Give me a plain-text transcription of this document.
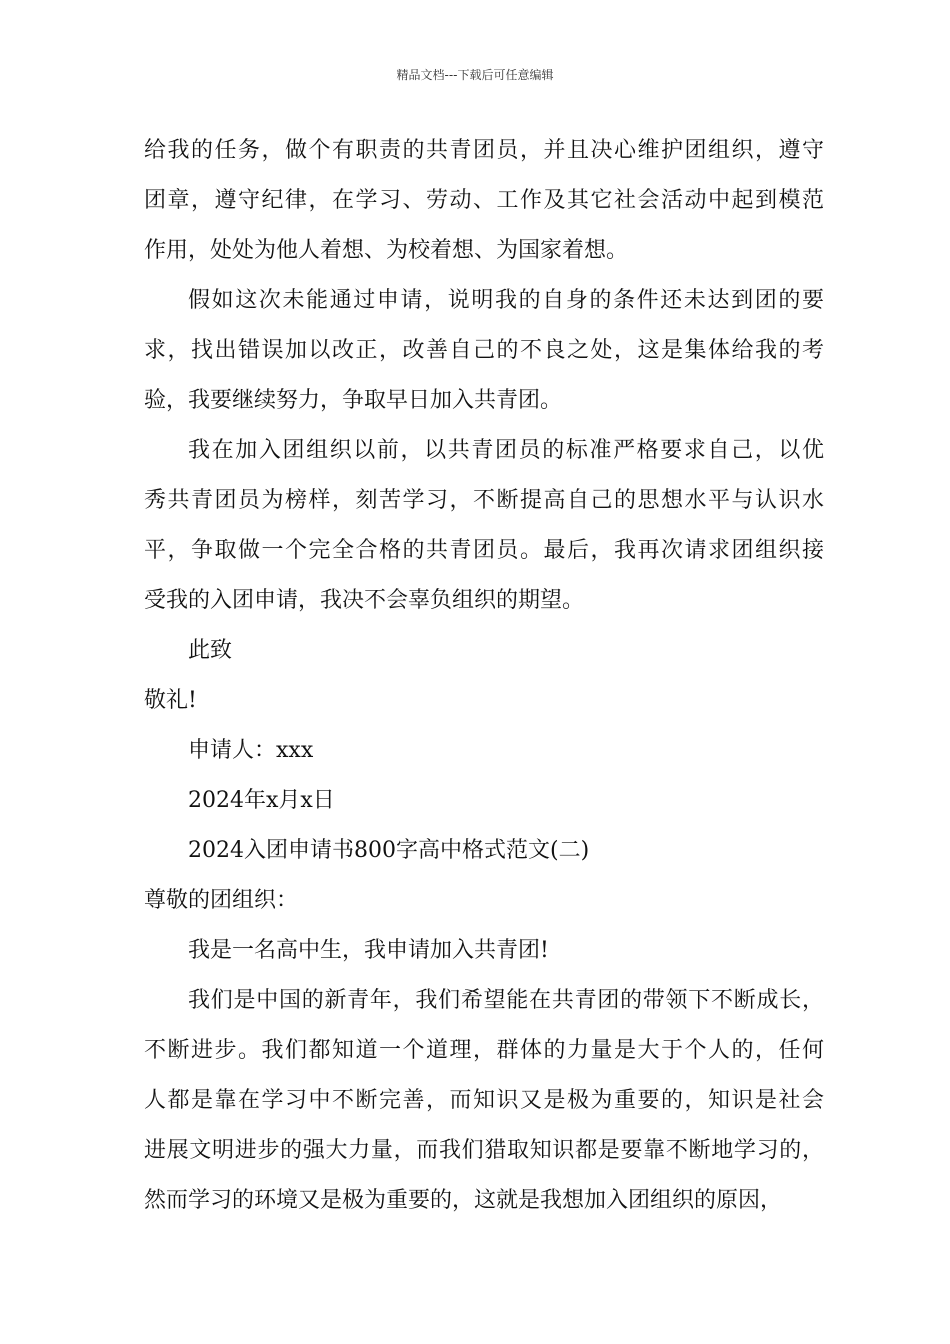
精品文档---下载后可任意编辑
给我的任务，做个有职责的共青团员，并且决心维护团组织，遵守
团章，遵守纪律，在学习、劳动、工作及其它社会活动中起到模范
作用，处处为他人着想、为校着想、为国家着想。
假如这次未能通过申请，说明我的自身的条件还未达到团的要
求，找出错误加以改正，改善自己的不良之处，这是集体给我的考
验，我要继续努力，争取早日加入共青团。
我在加入团组织以前，以共青团员的标准严格要求自己，以优
秀共青团员为榜样，刻苦学习，不断提高自己的思想水平与认识水
平，争取做一个完全合格的共青团员。最后，我再次请求团组织接
受我的入团申请，我决不会辜负组织的期望。
此致
敬礼!
申请人：xxx
2024年x月x日
2024入团申请书800字高中格式范文(二)
尊敬的团组织：
我是一名高中生，我申请加入共青团!
我们是中国的新青年，我们希望能在共青团的带领下不断成长，
不断进步。我们都知道一个道理，群体的力量是大于个人的，任何
人都是靠在学习中不断完善，而知识又是极为重要的，知识是社会
进展文明进步的强大力量，而我们猎取知识都是要靠不断地学习的，
然而学习的环境又是极为重要的，这就是我想加入团组织的原因，
